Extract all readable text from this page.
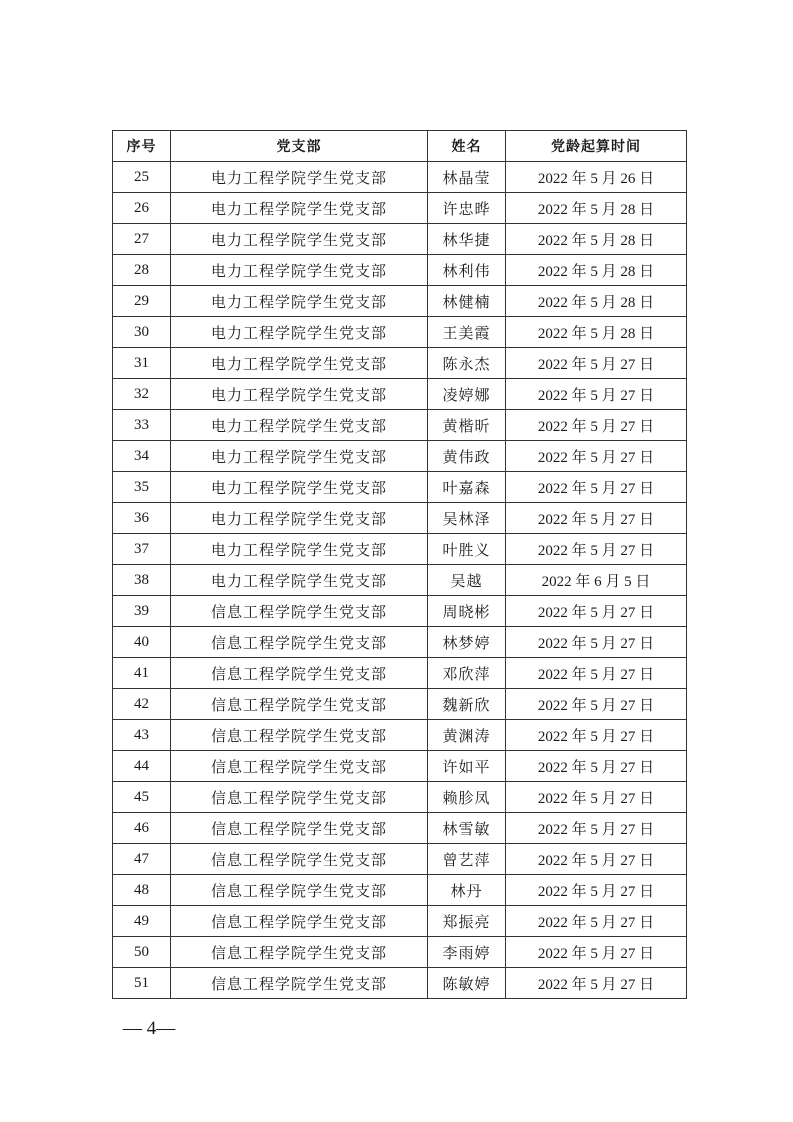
序号	党支部	姓名	党龄起算时间
25	电力工程学院学生党支部	林晶莹	2022 年 5 月 26 日
26	电力工程学院学生党支部	许忠晔	2022 年 5 月 28 日
27	电力工程学院学生党支部	林华捷	2022 年 5 月 28 日
28	电力工程学院学生党支部	林利伟	2022 年 5 月 28 日
29	电力工程学院学生党支部	林健楠	2022 年 5 月 28 日
30	电力工程学院学生党支部	王美霞	2022 年 5 月 28 日
31	电力工程学院学生党支部	陈永杰	2022 年 5 月 27 日
32	电力工程学院学生党支部	凌婷娜	2022 年 5 月 27 日
33	电力工程学院学生党支部	黄楷昕	2022 年 5 月 27 日
34	电力工程学院学生党支部	黄伟政	2022 年 5 月 27 日
35	电力工程学院学生党支部	叶嘉森	2022 年 5 月 27 日
36	电力工程学院学生党支部	吴林泽	2022 年 5 月 27 日
37	电力工程学院学生党支部	叶胜义	2022 年 5 月 27 日
38	电力工程学院学生党支部	吴越	2022 年 6 月 5 日
39	信息工程学院学生党支部	周晓彬	2022 年 5 月 27 日
40	信息工程学院学生党支部	林梦婷	2022 年 5 月 27 日
41	信息工程学院学生党支部	邓欣萍	2022 年 5 月 27 日
42	信息工程学院学生党支部	魏新欣	2022 年 5 月 27 日
43	信息工程学院学生党支部	黄渊涛	2022 年 5 月 27 日
44	信息工程学院学生党支部	许如平	2022 年 5 月 27 日
45	信息工程学院学生党支部	赖胗凤	2022 年 5 月 27 日
46	信息工程学院学生党支部	林雪敏	2022 年 5 月 27 日
47	信息工程学院学生党支部	曾艺萍	2022 年 5 月 27 日
48	信息工程学院学生党支部	林丹	2022 年 5 月 27 日
49	信息工程学院学生党支部	郑振亮	2022 年 5 月 27 日
50	信息工程学院学生党支部	李雨婷	2022 年 5 月 27 日
51	信息工程学院学生党支部	陈敏婷	2022 年 5 月 27 日
— 4—
